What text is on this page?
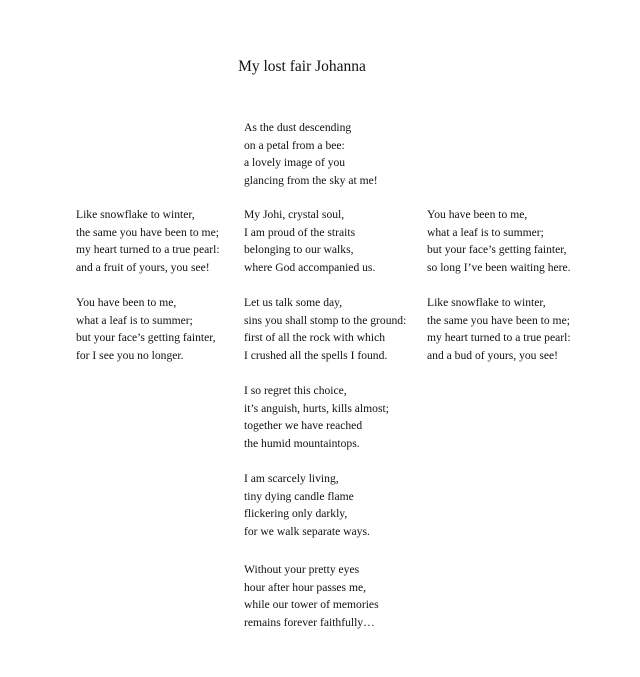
My lost fair Johanna
As the dust descending
on a petal from a bee:
a lovely image of you
glancing from the sky at me!
My Johi, crystal soul,
I am proud of the straits
belonging to our walks,
where God accompanied us.
Let us talk some day,
sins you shall stomp to the ground:
first of all the rock with which
I crushed all the spells I found.
I so regret this choice,
it’s anguish, hurts, kills almost;
together we have reached
the humid mountaintops.
I am scarcely living,
tiny dying candle flame
flickering only darkly,
for we walk separate ways.
Without your pretty eyes
hour after hour passes me,
while our tower of memories
remains forever faithfully…
Like snowflake to winter,
the same you have been to me;
my heart turned to a true pearl:
and a fruit of yours, you see!
You have been to me,
what a leaf is to summer;
but your face’s getting fainter,
for I see you no longer.
You have been to me,
what a leaf is to summer;
but your face’s getting fainter,
so long I’ve been waiting here.
Like snowflake to winter,
the same you have been to me;
my heart turned to a true pearl:
and a bud of yours, you see!
